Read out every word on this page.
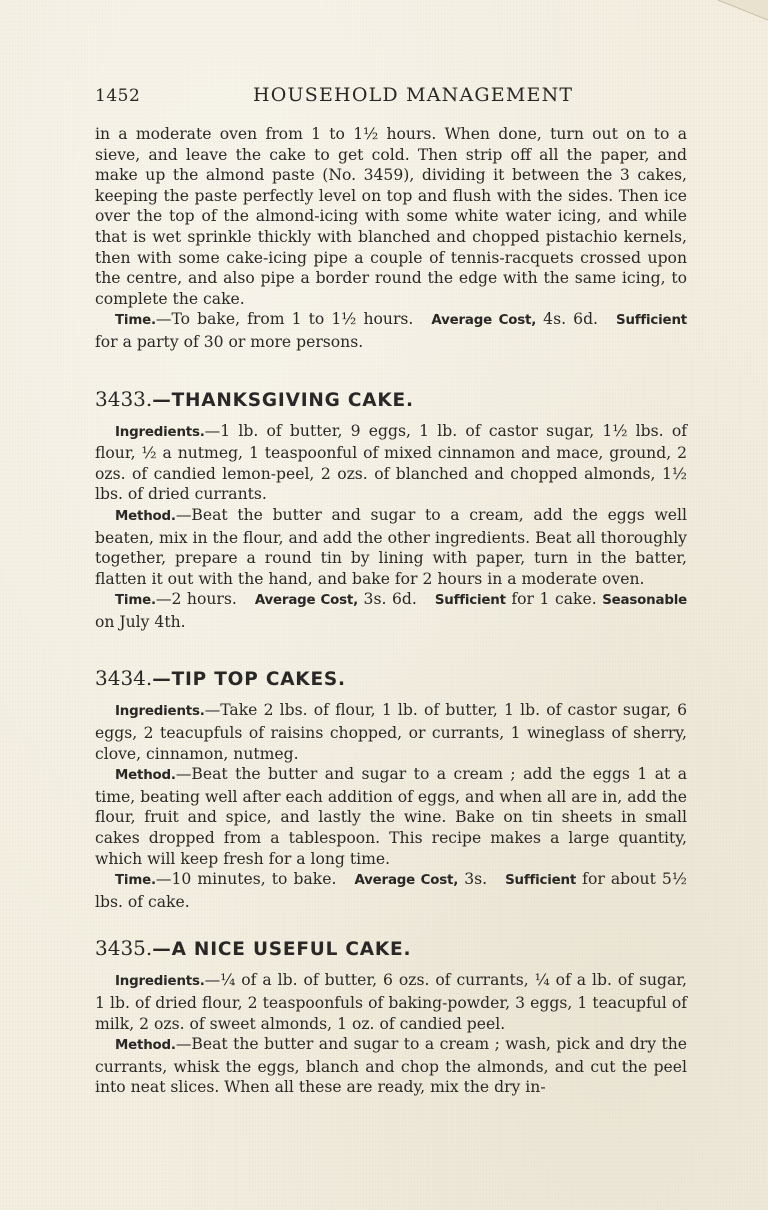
1452	HOUSEHOLD MANAGEMENT

in a moderate oven from 1 to 1½ hours. When done, turn out on to a sieve, and leave the cake to get cold. Then strip off all the paper, and make up the almond paste (No. 3459), dividing it between the 3 cakes, keeping the paste perfectly level on top and flush with the sides. Then ice over the top of the almond-icing with some white water icing, and while that is wet sprinkle thickly with blanched and chopped pistachio kernels, then with some cake-icing pipe a couple of tennis-racquets crossed upon the centre, and also pipe a border round the edge with the same icing, to complete the cake.

Time.—To bake, from 1 to 1½ hours. Average Cost, 4s. 6d. Sufficient for a party of 30 or more persons.

3433.—THANKSGIVING CAKE.

Ingredients.—1 lb. of butter, 9 eggs, 1 lb. of castor sugar, 1½ lbs. of flour, ½ a nutmeg, 1 teaspoonful of mixed cinnamon and mace, ground, 2 ozs. of candied lemon-peel, 2 ozs. of blanched and chopped almonds, 1½ lbs. of dried currants.

Method.—Beat the butter and sugar to a cream, add the eggs well beaten, mix in the flour, and add the other ingredients. Beat all thoroughly together, prepare a round tin by lining with paper, turn in the batter, flatten it out with the hand, and bake for 2 hours in a moderate oven.

Time.—2 hours. Average Cost, 3s. 6d. Sufficient for 1 cake. Seasonable on July 4th.

3434.—TIP TOP CAKES.

Ingredients.—Take 2 lbs. of flour, 1 lb. of butter, 1 lb. of castor sugar, 6 eggs, 2 teacupfuls of raisins chopped, or currants, 1 wineglass of sherry, clove, cinnamon, nutmeg.

Method.—Beat the butter and sugar to a cream ; add the eggs 1 at a time, beating well after each addition of eggs, and when all are in, add the flour, fruit and spice, and lastly the wine. Bake on tin sheets in small cakes dropped from a tablespoon. This recipe makes a large quantity, which will keep fresh for a long time.

Time.—10 minutes, to bake. Average Cost, 3s. Sufficient for about 5½ lbs. of cake.

3435.—A NICE USEFUL CAKE.

Ingredients.—¼ of a lb. of butter, 6 ozs. of currants, ¼ of a lb. of sugar, 1 lb. of dried flour, 2 teaspoonfuls of baking-powder, 3 eggs, 1 teacupful of milk, 2 ozs. of sweet almonds, 1 oz. of candied peel.

Method.—Beat the butter and sugar to a cream ; wash, pick and dry the currants, whisk the eggs, blanch and chop the almonds, and cut the peel into neat slices. When all these are ready, mix the dry in-
